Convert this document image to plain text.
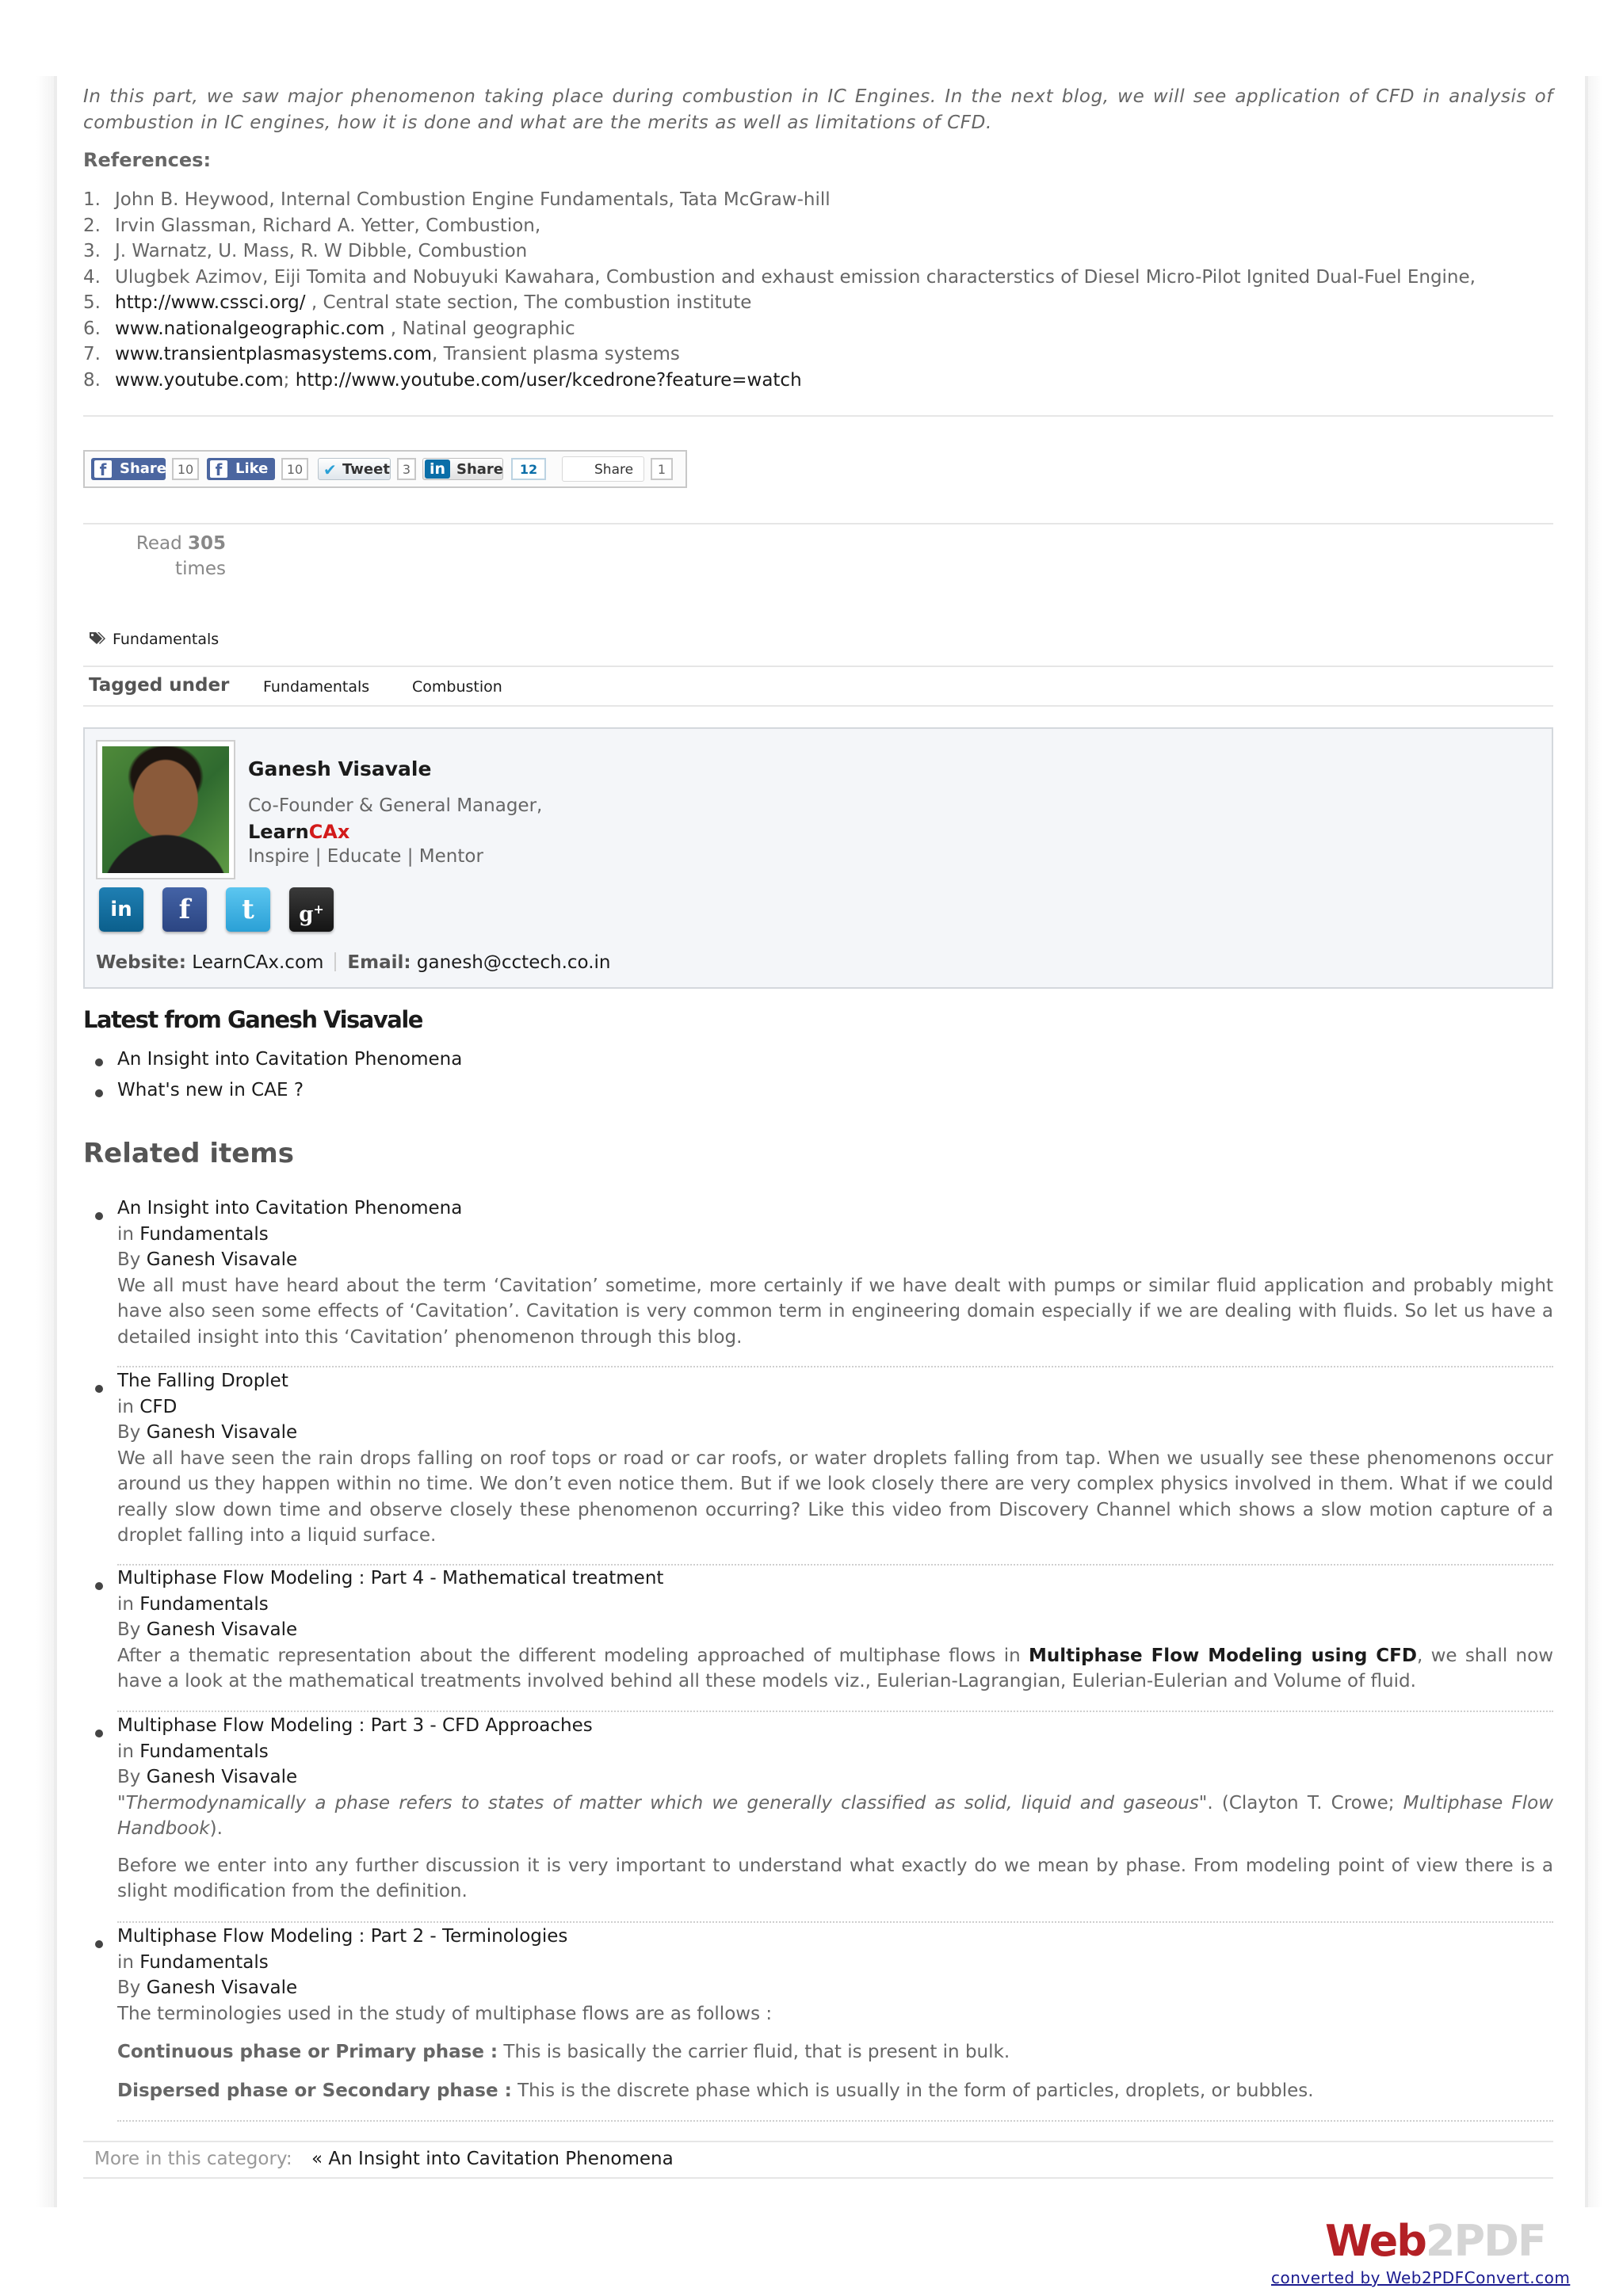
In this part, we saw major phenomenon taking place during combustion in IC Engines. In the next blog, we will see application of CFD in analysis of combustion in IC engines, how it is done and what are the merits as well as limitations of CFD.
References:
1. John B. Heywood, Internal Combustion Engine Fundamentals, Tata McGraw-hill
2. Irvin Glassman, Richard A. Yetter, Combustion,
3. J. Warnatz, U. Mass, R. W Dibble, Combustion
4. Ulugbek Azimov, Eiji Tomita and Nobuyuki Kawahara, Combustion and exhaust emission characterstics of Diesel Micro-Pilot Ignited Dual-Fuel Engine,
5. http://www.cssci.org/ , Central state section, The combustion institute
6. www.nationalgeographic.com , Natinal geographic
7. www.transientplasmasystems.com, Transient plasma systems
8. www.youtube.com; http://www.youtube.com/user/kcedrone?feature=watch
f Share 10	f Like	10	✔ Tweet 3	in Share	12	Share	1
Read 305
times
Fundamentals
Tagged under Fundamentals	Combustion
Ganesh Visavale
Co-Founder & General Manager,
LearnCAx
Inspire | Educate | Mentor
in	f	t	g+
Website: LearnCAx.com Email: ganesh@cctech.co.in
Latest from Ganesh Visavale
An Insight into Cavitation Phenomena
What's new in CAE ?
Related items

An Insight into Cavitation Phenomena

in Fundamentals

By Ganesh Visavale

We all must have heard about the term ‘Cavitation’ sometime, more certainly if we have dealt with pumps or similar fluid application and probably might have also seen some effects of ‘Cavitation’. Cavitation is very common term in engineering domain especially if we are dealing with fluids. So let us have a detailed insight into this ‘Cavitation’ phenomenon through this blog.

The Falling Droplet

in CFD

By Ganesh Visavale

We all have seen the rain drops falling on roof tops or road or car roofs, or water droplets falling from tap. When we usually see these phenomenons occur around us they happen within no time. We don’t even notice them. But if we look closely there are very complex physics involved in them. What if we could really slow down time and observe closely these phenomenon occurring? Like this video from Discovery Channel which shows a slow motion capture of a droplet falling into a liquid surface.

Multiphase Flow Modeling : Part 4 - Mathematical treatment

in Fundamentals

By Ganesh Visavale

After a thematic representation about the different modeling approached of multiphase flows in Multiphase Flow Modeling using CFD, we shall now have a look at the mathematical treatments involved behind all these models viz., Eulerian-Lagrangian, Eulerian-Eulerian and Volume of fluid.

Multiphase Flow Modeling : Part 3 - CFD Approaches

in Fundamentals

By Ganesh Visavale

"Thermodynamically a phase refers to states of matter which we generally classified as solid, liquid and gaseous". (Clayton T. Crowe; Multiphase Flow Handbook).

Before we enter into any further discussion it is very important to understand what exactly do we mean by phase. From modeling point of view there is a slight modification from the definition.

Multiphase Flow Modeling : Part 2 - Terminologies

in Fundamentals

By Ganesh Visavale

The terminologies used in the study of multiphase flows are as follows :

Continuous phase or Primary phase : This is basically the carrier fluid, that is present in bulk.

Dispersed phase or Secondary phase : This is the discrete phase which is usually in the form of particles, droplets, or bubbles.

More in this category: « An Insight into Cavitation Phenomena
Web2PDF
converted by Web2PDFConvert.com
